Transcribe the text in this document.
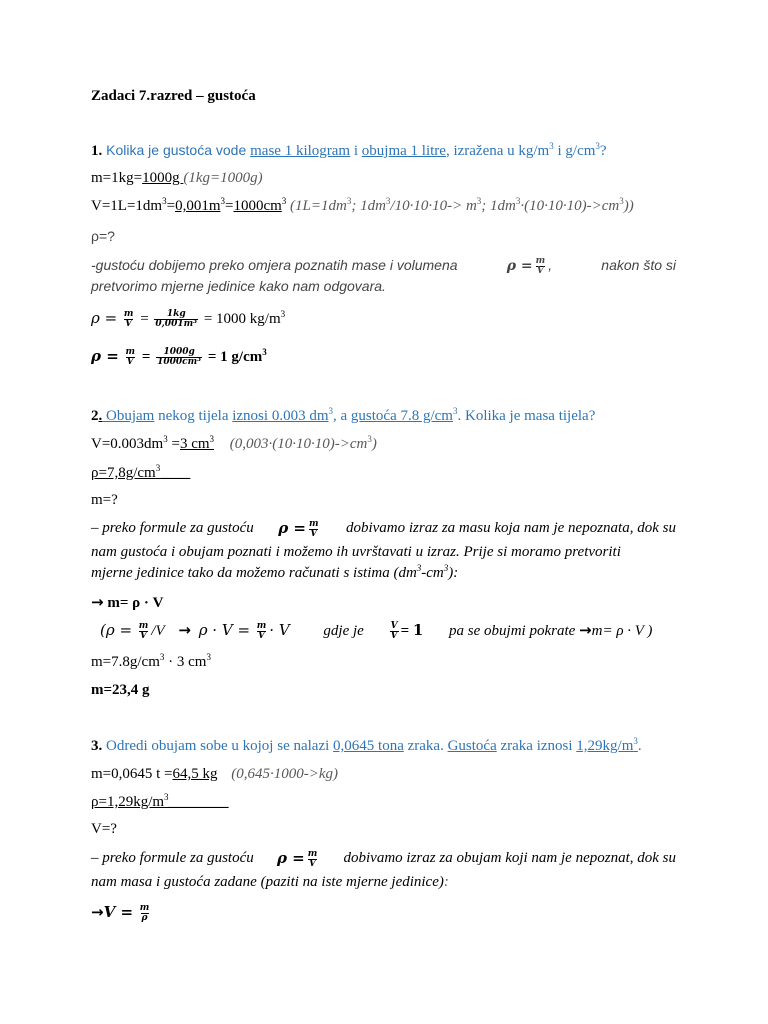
Zadaci 7.razred – gustoća
1. Kolika je gustoća vode mase 1 kilogram i obujma 1 litre, izražena u $kg/m^3$ i $g/cm^3$?
m=1kg=1000g (1kg=1000g)
$V=1L=1dm^3=0,001m^3=1000cm^3$ ($1L=1dm^3$; $1dm^3/10\cdot 10\cdot 10-> m^3$; $1dm^3\cdot(10\cdot 10\cdot 10)->cm^3$))
ρ=?
-gustoću dobijemo preko omjera poznatih mase i volumena	$\rho = \frac{m}{V}$ ,	nakon što si
pretvorimo mjerne jedinice kako nam odgovara.
$\rho = \frac{m}{V} = \frac{1kg}{\text{0,001m³}} = 1000$ $kg/m^3$
$\rho = \frac{m}{V} = \frac{1000g}{\text{1000cm³}} = 1$ $g/cm^3$
2. Obujam nekog tijela iznosi 0.003 $dm^3$, a gustoća 7.8 $g/cm^3$. Kolika je masa tijela?
$V=0.003dm^3 =3$ $cm^3$ $(0,003\cdot(10\cdot 10\cdot 10)->cm^3)$
$\rho=7,8g/cm^3\_\_\_\_$
m=?
– preko formule za gustoću $\rho = \frac{m}{V}$ dobivamo izraz za masu koja nam je nepoznata, dok su
nam gustoća i obujam poznati i možemo ih uvrštavati u izraz. Prije si moramo pretvoriti
mjerne jedinice tako da možemo računati s istima $(dm^3-cm^3)$:
→ m= ρ · V
($\rho = \frac{m}{V} /V \to \rho \cdot V = \frac{m}{V} \cdot V$ gdje je	$\frac{V}{V}$ = 𝟏 pa se obujmi pokrate →m= ρ · V )
$m=7.8g/cm^3 \cdot 3$ $cm^3$
m=23,4 g
3. Odredi obujam sobe u kojoj se nalazi 0,0645 tona zraka. Gustoća zraka iznosi $1,29kg/m^3$.
m=0,0645 t =64,5 kg (0,645·1000->kg)
$\rho=1,29kg/m^3\_\_\_\_\_\_\_\_$
V=?
– preko formule za gustoću $\rho = \frac{m}{V}$ dobivamo izraz za obujam koji nam je nepoznat, dok su
nam masa i gustoća zadane (paziti na iste mjerne jedinice):
$\to V = \frac{m}{\rho}$
